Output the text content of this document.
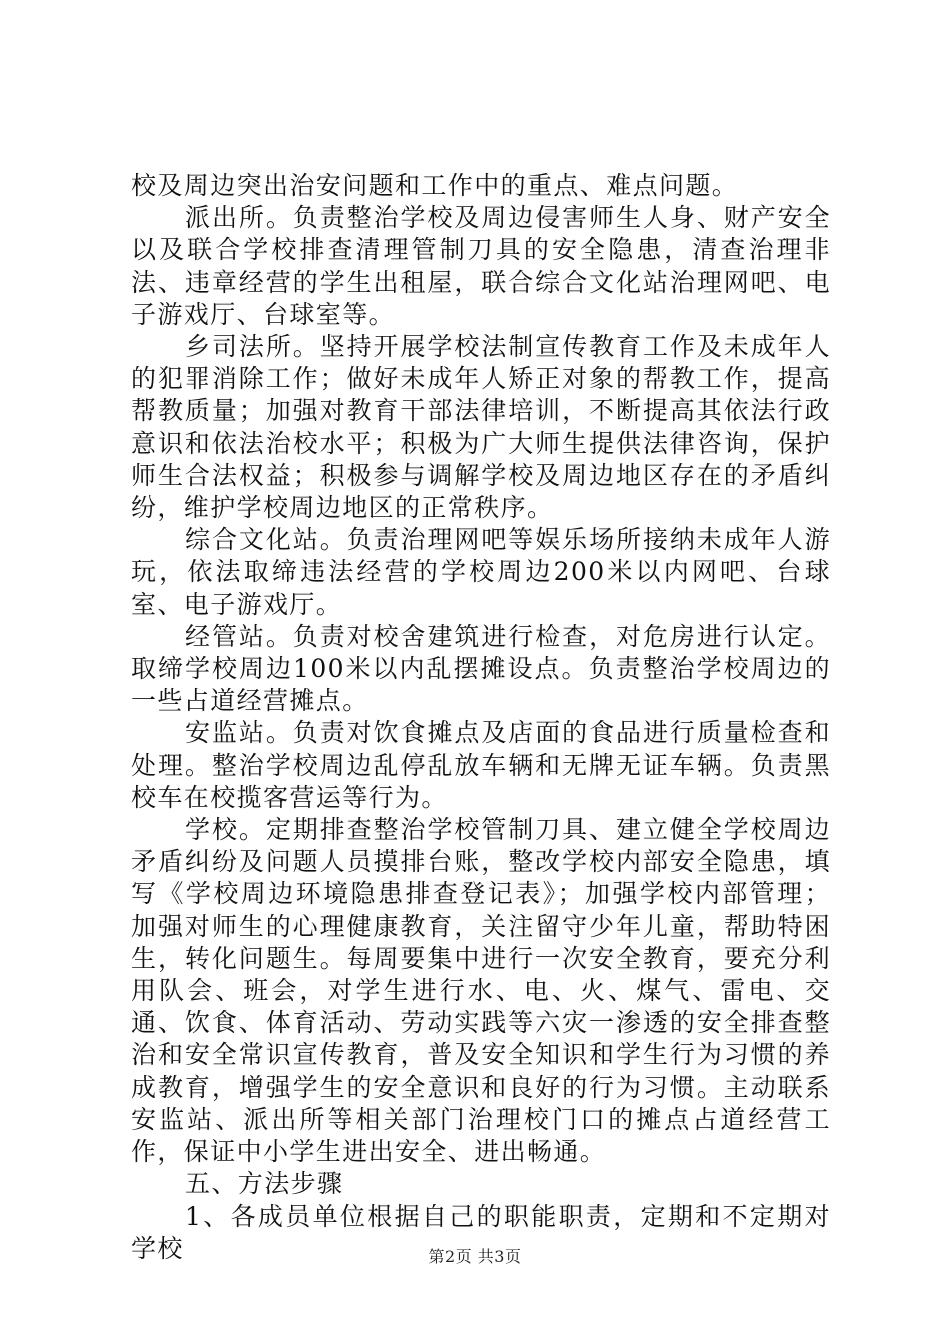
校及周边突出治安问题和工作中的重点、难点问题。

派出所。负责整治学校及周边侵害师生人身、财产安全以及联合学校排查清理管制刀具的安全隐患，清查治理非法、违章经营的学生出租屋，联合综合文化站治理网吧、电子游戏厅、台球室等。

乡司法所。坚持开展学校法制宣传教育工作及未成年人的犯罪消除工作；做好未成年人矫正对象的帮教工作，提高帮教质量；加强对教育干部法律培训，不断提高其依法行政意识和依法治校水平；积极为广大师生提供法律咨询，保护师生合法权益；积极参与调解学校及周边地区存在的矛盾纠纷，维护学校周边地区的正常秩序。

综合文化站。负责治理网吧等娱乐场所接纳未成年人游玩，依法取缔违法经营的学校周边200米以内网吧、台球室、电子游戏厅。

经管站。负责对校舍建筑进行检查，对危房进行认定。取缔学校周边100米以内乱摆摊设点。负责整治学校周边的一些占道经营摊点。

安监站。负责对饮食摊点及店面的食品进行质量检查和处理。整治学校周边乱停乱放车辆和无牌无证车辆。负责黑校车在校揽客营运等行为。

学校。定期排查整治学校管制刀具、建立健全学校周边矛盾纠纷及问题人员摸排台账，整改学校内部安全隐患，填写《学校周边环境隐患排查登记表》；加强学校内部管理；加强对师生的心理健康教育，关注留守少年儿童，帮助特困生，转化问题生。每周要集中进行一次安全教育，要充分利用队会、班会，对学生进行水、电、火、煤气、雷电、交通、饮食、体育活动、劳动实践等六灾一渗透的安全排查整治和安全常识宣传教育，普及安全知识和学生行为习惯的养成教育，增强学生的安全意识和良好的行为习惯。主动联系安监站、派出所等相关部门治理校门口的摊点占道经营工作，保证中小学生进出安全、进出畅通。

五、方法步骤

1、各成员单位根据自己的职能职责，定期和不定期对学校	第2页 共3页
